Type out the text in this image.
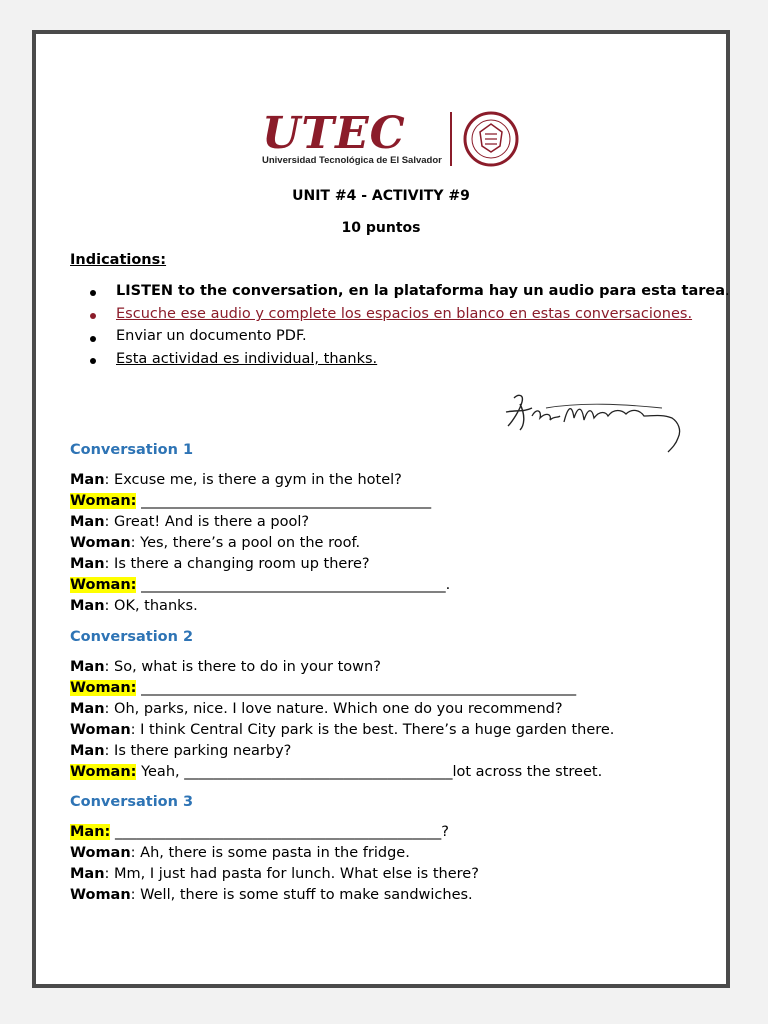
UTEC
Universidad Tecnológica de El Salvador
UNIT #4 - ACTIVITY #9
10 puntos
Indications:
LISTEN to the conversation, en la plataforma hay un audio para esta tarea.
Escuche ese audio y complete los espacios en blanco en estas conversaciones.
Enviar un documento PDF.
Esta actividad es individual, thanks.
Conversation 1
Man: Excuse me, is there a gym in the hotel?
Woman: ________________________________________
Man: Great! And is there a pool?
Woman: Yes, there’s a pool on the roof.
Man: Is there a changing room up there?
Woman: __________________________________________.
Man: OK, thanks.
Conversation 2
Man: So, what is there to do in your town?
Woman: ____________________________________________________________
Man: Oh, parks, nice. I love nature. Which one do you recommend?
Woman: I think Central City park is the best. There’s a huge garden there.
Man: Is there parking nearby?
Woman: Yeah, _____________________________________lot across the street.
Conversation 3
Man: _____________________________________________?
Woman: Ah, there is some pasta in the fridge.
Man: Mm, I just had pasta for lunch. What else is there?
Woman: Well, there is some stuff to make sandwiches.
